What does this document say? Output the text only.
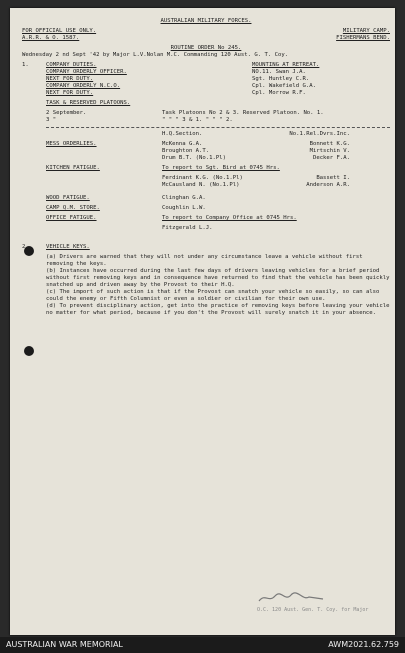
AUSTRALIAN MILITARY FORCES.
FOR OFFICIAL USE ONLY.	MILITARY CAMP.
A.R.R. & O. 1587.	FISHERMANS BEND.
ROUTINE ORDER No 245.
Wednesday 2 nd Sept '42 by Major L.V.Nolan M.C. Commanding 120 Aust. G. T. Coy.
1.	COMPANY DUTIES.	MOUNTING AT RETREAT.
COMPANY ORDERLY OFFICER.	NO.11. Swan J.A.
NEXT FOR DUTY.	Sgt. Huntley C.R.
COMPANY ORDERLY N.C.O.	Cpl. Wakefield G.A.
NEXT FOR DUTY.	Cpl. Morrow R.F.
TASK & RESERVED PLATOONS.
2 September.	Task Platoons No 2 & 3. Reserved Platoon. No. 1.
3 "	" " " 3 & 1. " " " 2.
H.Q.Section.	No.1.Rel.Dvrs.Inc.
MESS ORDERLIES.	McKenna G.A.	Bonnett K.G.
Broughton A.T.	Mirtschin V.
Drum B.T. (No.1.Pl)	Decker F.A.
KITCHEN FATIGUE.	To report to Sgt. Bird at 0745 Hrs.
Ferdinant K.G. (No.1.Pl)	Bassett I.
McCausland N. (No.1.Pl)	Anderson A.R.
WOOD FATIGUE.	Clinghan G.A.
CAMP Q.M. STORE.	Coughlin L.W.
OFFICE FATIGUE.	To report to Company Office at 0745 Hrs.
Fitzgerald L.J.
2.	VEHICLE KEYS.
(a) Drivers are warned that they will not under any circumstance leave a vehicle without first removing the keys.
(b) Instances have occurred during the last few days of drivers leaving vehicles for a brief period without first removing keys and in consequence have returned to find that the vehicle has been quickly snatched up and driven away by the Provost to their H.Q.
(c) The import of such action is that if the Provost can snatch your vehicle so easily, so can also could the enemy or Fifth Columnist or even a soldier or civilian for their own use.
(d) To prevent disciplinary action, get into the practice of removing keys before leaving your vehicle no matter for what period, because if you don't the Provost will surely snatch it in your absence.
O.C. 120 Aust. Gen. T. Coy. for Major
AUSTRALIAN WAR MEMORIAL	AWM2021.62.759
